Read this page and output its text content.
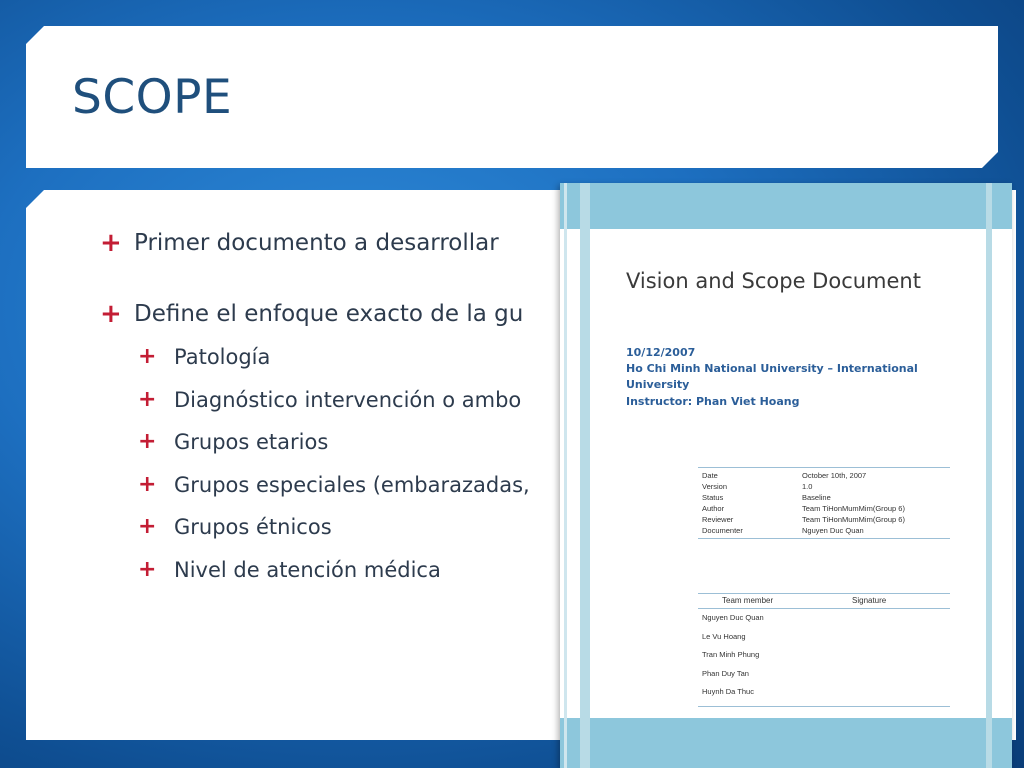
SCOPE
+ Primer documento a desarrollar
+ Define el enfoque exacto de la gu
+ Patología
+ Diagnóstico intervención o ambo
+ Grupos etarios
+ Grupos especiales (embarazadas,
+ Grupos étnicos
+ Nivel de atención médica
Vision and Scope Document
10/12/2007
Ho Chi Minh National University – International University
Instructor: Phan Viet Hoang
Date	October 10th, 2007
Version	1.0
Status	Baseline
Author	Team TiHonMumMim(Group 6)
Reviewer	Team TiHonMumMim(Group 6)
Documenter	Nguyen Duc Quan
Team member	Signature
Nguyen Duc Quan
Le Vu Hoang
Tran Minh Phung
Phan Duy Tan
Huynh Da Thuc
